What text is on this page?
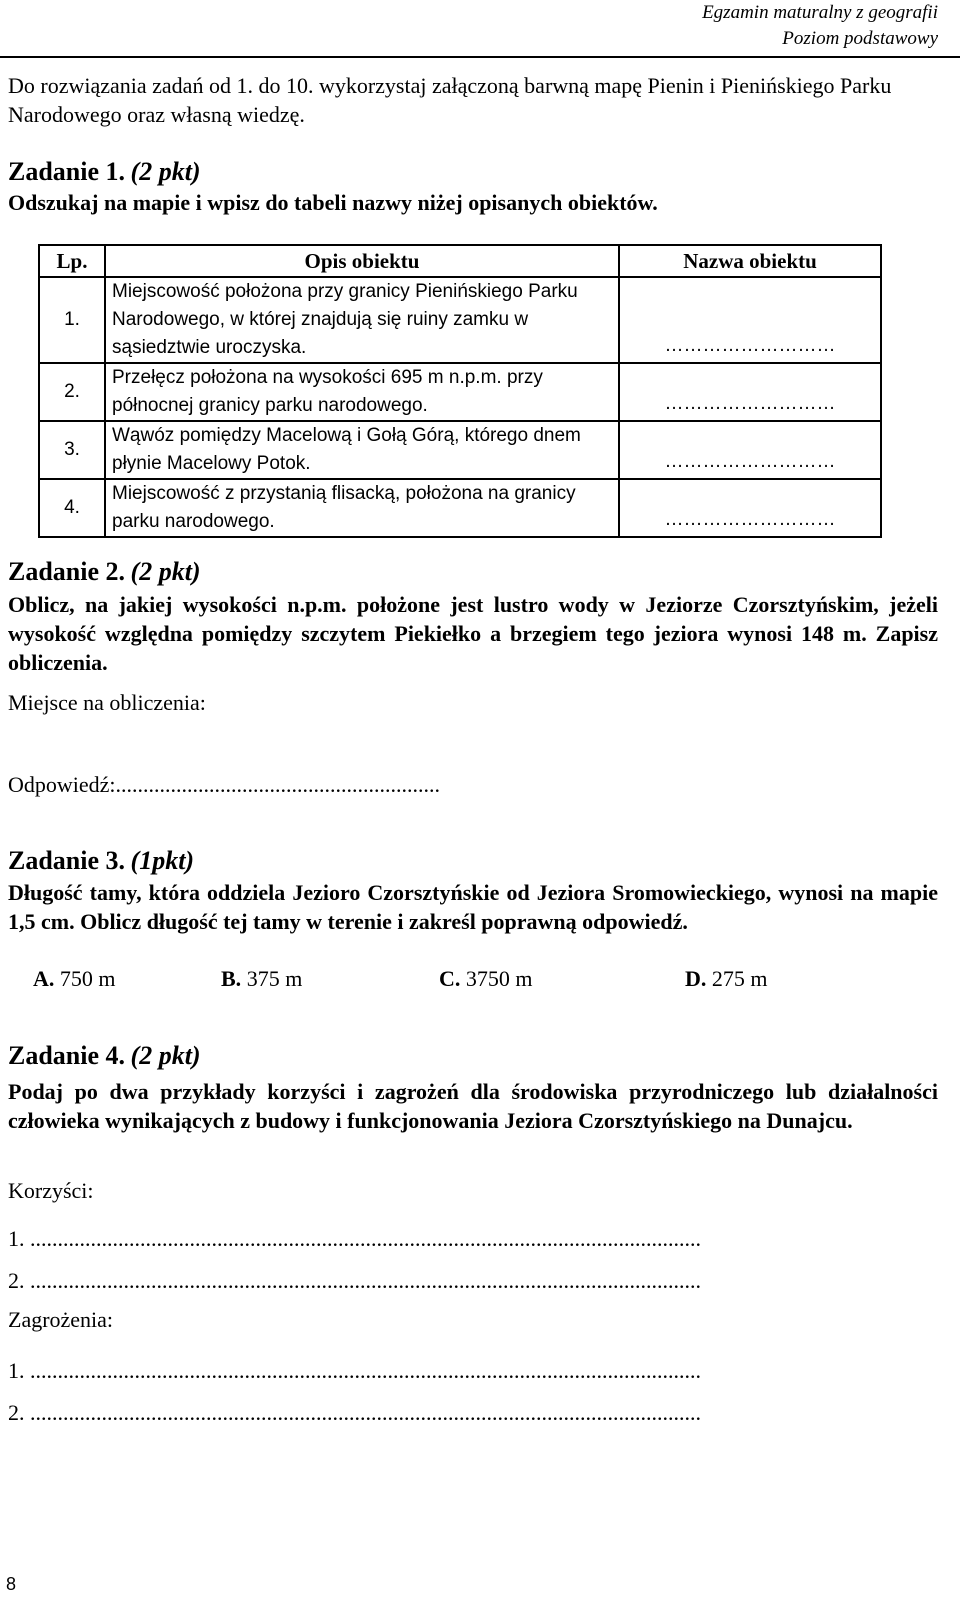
Egzamin maturalny z geografii
Poziom podstawowy
Do rozwiązania zadań od 1. do 10. wykorzystaj załączoną barwną mapę Pienin i Pienińskiego Parku Narodowego oraz własną wiedzę.
Zadanie 1. (2 pkt)
Odszukaj na mapie i wpisz do tabeli nazwy niżej opisanych obiektów.
Lp.	Opis obiektu	Nazwa obiektu
1.	Miejscowość położona przy granicy Pienińskiego Parku Narodowego, w której znajdują się ruiny zamku w sąsiedztwie uroczyska.	………………………

2.	Przełęcz położona na wysokości 695 m n.p.m. przy północnej granicy parku narodowego.	………………………

3.	Wąwóz pomiędzy Macelową i Gołą Górą, którego dnem płynie Macelowy Potok.	………………………

4.	Miejscowość z przystanią flisacką, położona na granicy parku narodowego.	………………………
Zadanie 2. (2 pkt)
Oblicz, na jakiej wysokości n.p.m. położone jest lustro wody w Jeziorze Czorsztyńskim, jeżeli wysokość względna pomiędzy szczytem Piekiełko a brzegiem tego jeziora wynosi 148 m. Zapisz obliczenia.
Miejsce na obliczenia:
Odpowiedź:...........................................................
Zadanie 3. (1pkt)
Długość tamy, która oddziela Jezioro Czorsztyńskie od Jeziora Sromowieckiego, wynosi na mapie 1,5 cm. Oblicz długość tej tamy w terenie i zakreśl poprawną odpowiedź.
A. 750 m	B. 375 m	C. 3750 m	D. 275 m
Zadanie 4. (2 pkt)
Podaj po dwa przykłady korzyści i zagrożeń dla środowiska przyrodniczego lub działalności człowieka wynikających z budowy i funkcjonowania Jeziora Czorsztyńskiego na Dunajcu.
Korzyści:
1. ..........................................................................................................................
2. ..........................................................................................................................
Zagrożenia:
1. ..........................................................................................................................
2. ..........................................................................................................................
8
